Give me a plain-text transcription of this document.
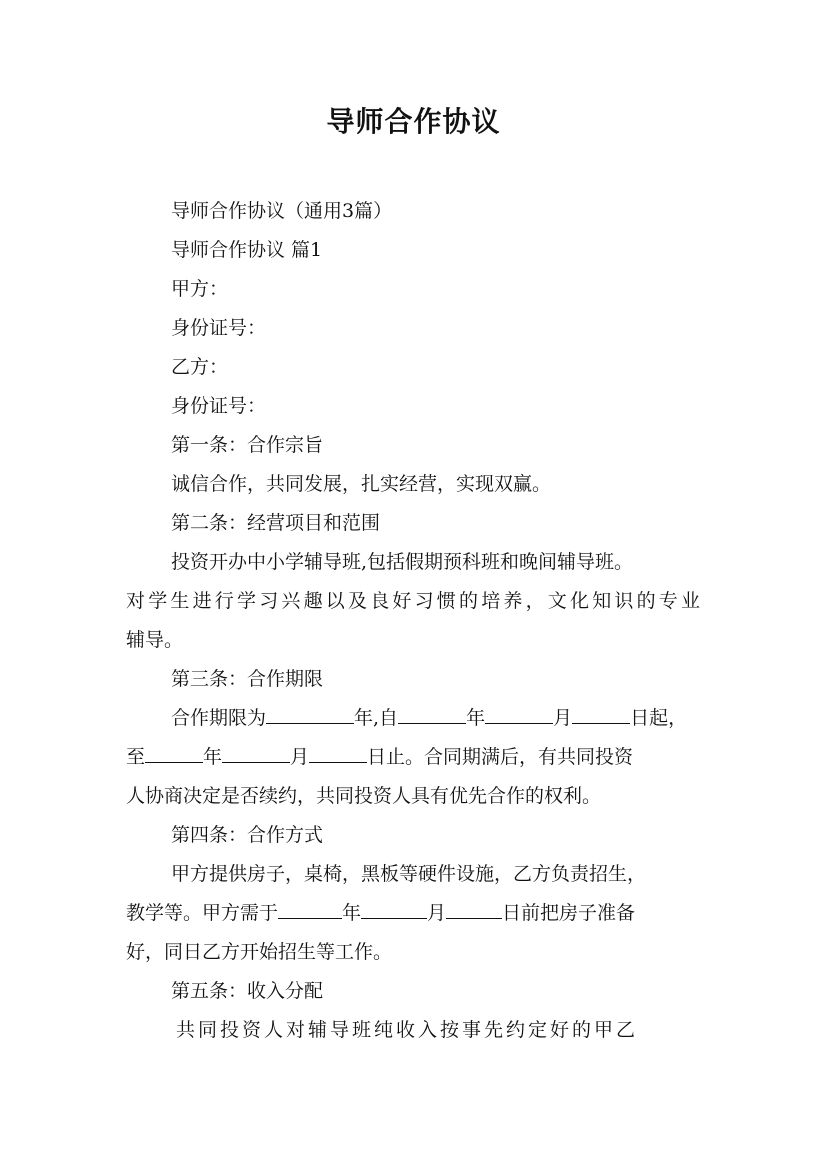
导师合作协议
导师合作协议（通用3篇）
导师合作协议 篇1
甲方：
身份证号：
乙方：
身份证号：
第一条：合作宗旨
诚信合作，共同发展，扎实经营，实现双赢。
第二条：经营项目和范围
投资开办中小学辅导班,包括假期预科班和晚间辅导班。
对学生进行学习兴趣以及良好习惯的培养，文化知识的专业
辅导。
第三条：合作期限
合作期限为	年,自	年	月	日起，
至	年	月	日止。合同期满后，有共同投资
人协商决定是否续约，共同投资人具有优先合作的权利。
第四条：合作方式
甲方提供房子，桌椅，黑板等硬件设施，乙方负责招生，
教学等。甲方需于	年	月	日前把房子准备
好，同日乙方开始招生等工作。
第五条：收入分配
共同投资人对辅导班纯收入按事先约定好的甲乙
